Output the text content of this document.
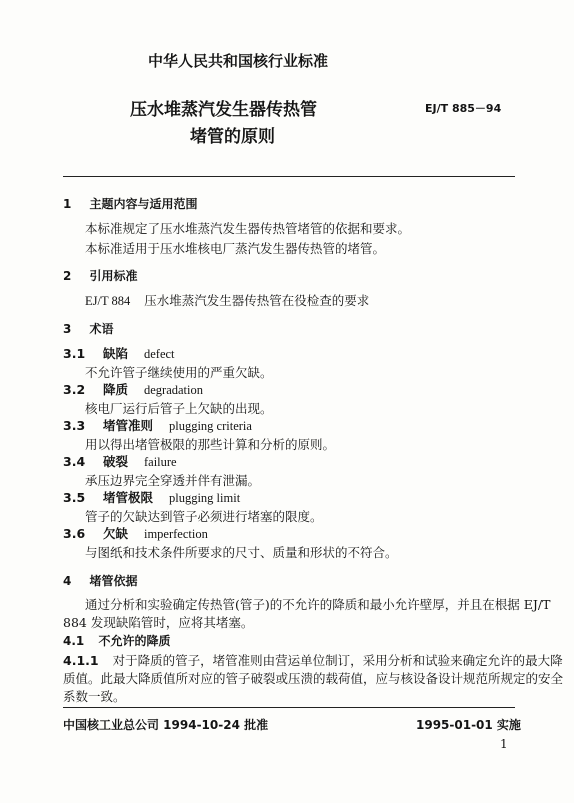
中华人民共和国核行业标准
压水堆蒸汽发生器传热管
堵管的原则
EJ/T 885－94
1 主题内容与适用范围
本标准规定了压水堆蒸汽发生器传热管堵管的依据和要求。
本标准适用于压水堆核电厂蒸汽发生器传热管的堵管。
2 引用标准
EJ/T 884 压水堆蒸汽发生器传热管在役检查的要求
3 术语
3.1 缺陷 defect
不允许管子继续使用的严重欠缺。
3.2 降质 degradation
核电厂运行后管子上欠缺的出现。
3.3 堵管准则 plugging criteria
用以得出堵管极限的那些计算和分析的原则。
3.4 破裂 failure
承压边界完全穿透并伴有泄漏。
3.5 堵管极限 plugging limit
管子的欠缺达到管子必须进行堵塞的限度。
3.6 欠缺 imperfection
与图纸和技术条件所要求的尺寸、质量和形状的不符合。
4 堵管依据
通过分析和实验确定传热管(管子)的不允许的降质和最小允许壁厚，并且在根据 EJ/T
884 发现缺陷管时，应将其堵塞。
4.1 不允许的降质
4.1.1 对于降质的管子，堵管准则由营运单位制订，采用分析和试验来确定允许的最大降
质值。此最大降质值所对应的管子破裂或压溃的载荷值，应与核设备设计规范所规定的安全
系数一致。
中国核工业总公司 1994-10-24 批准	1995-01-01 实施
1
